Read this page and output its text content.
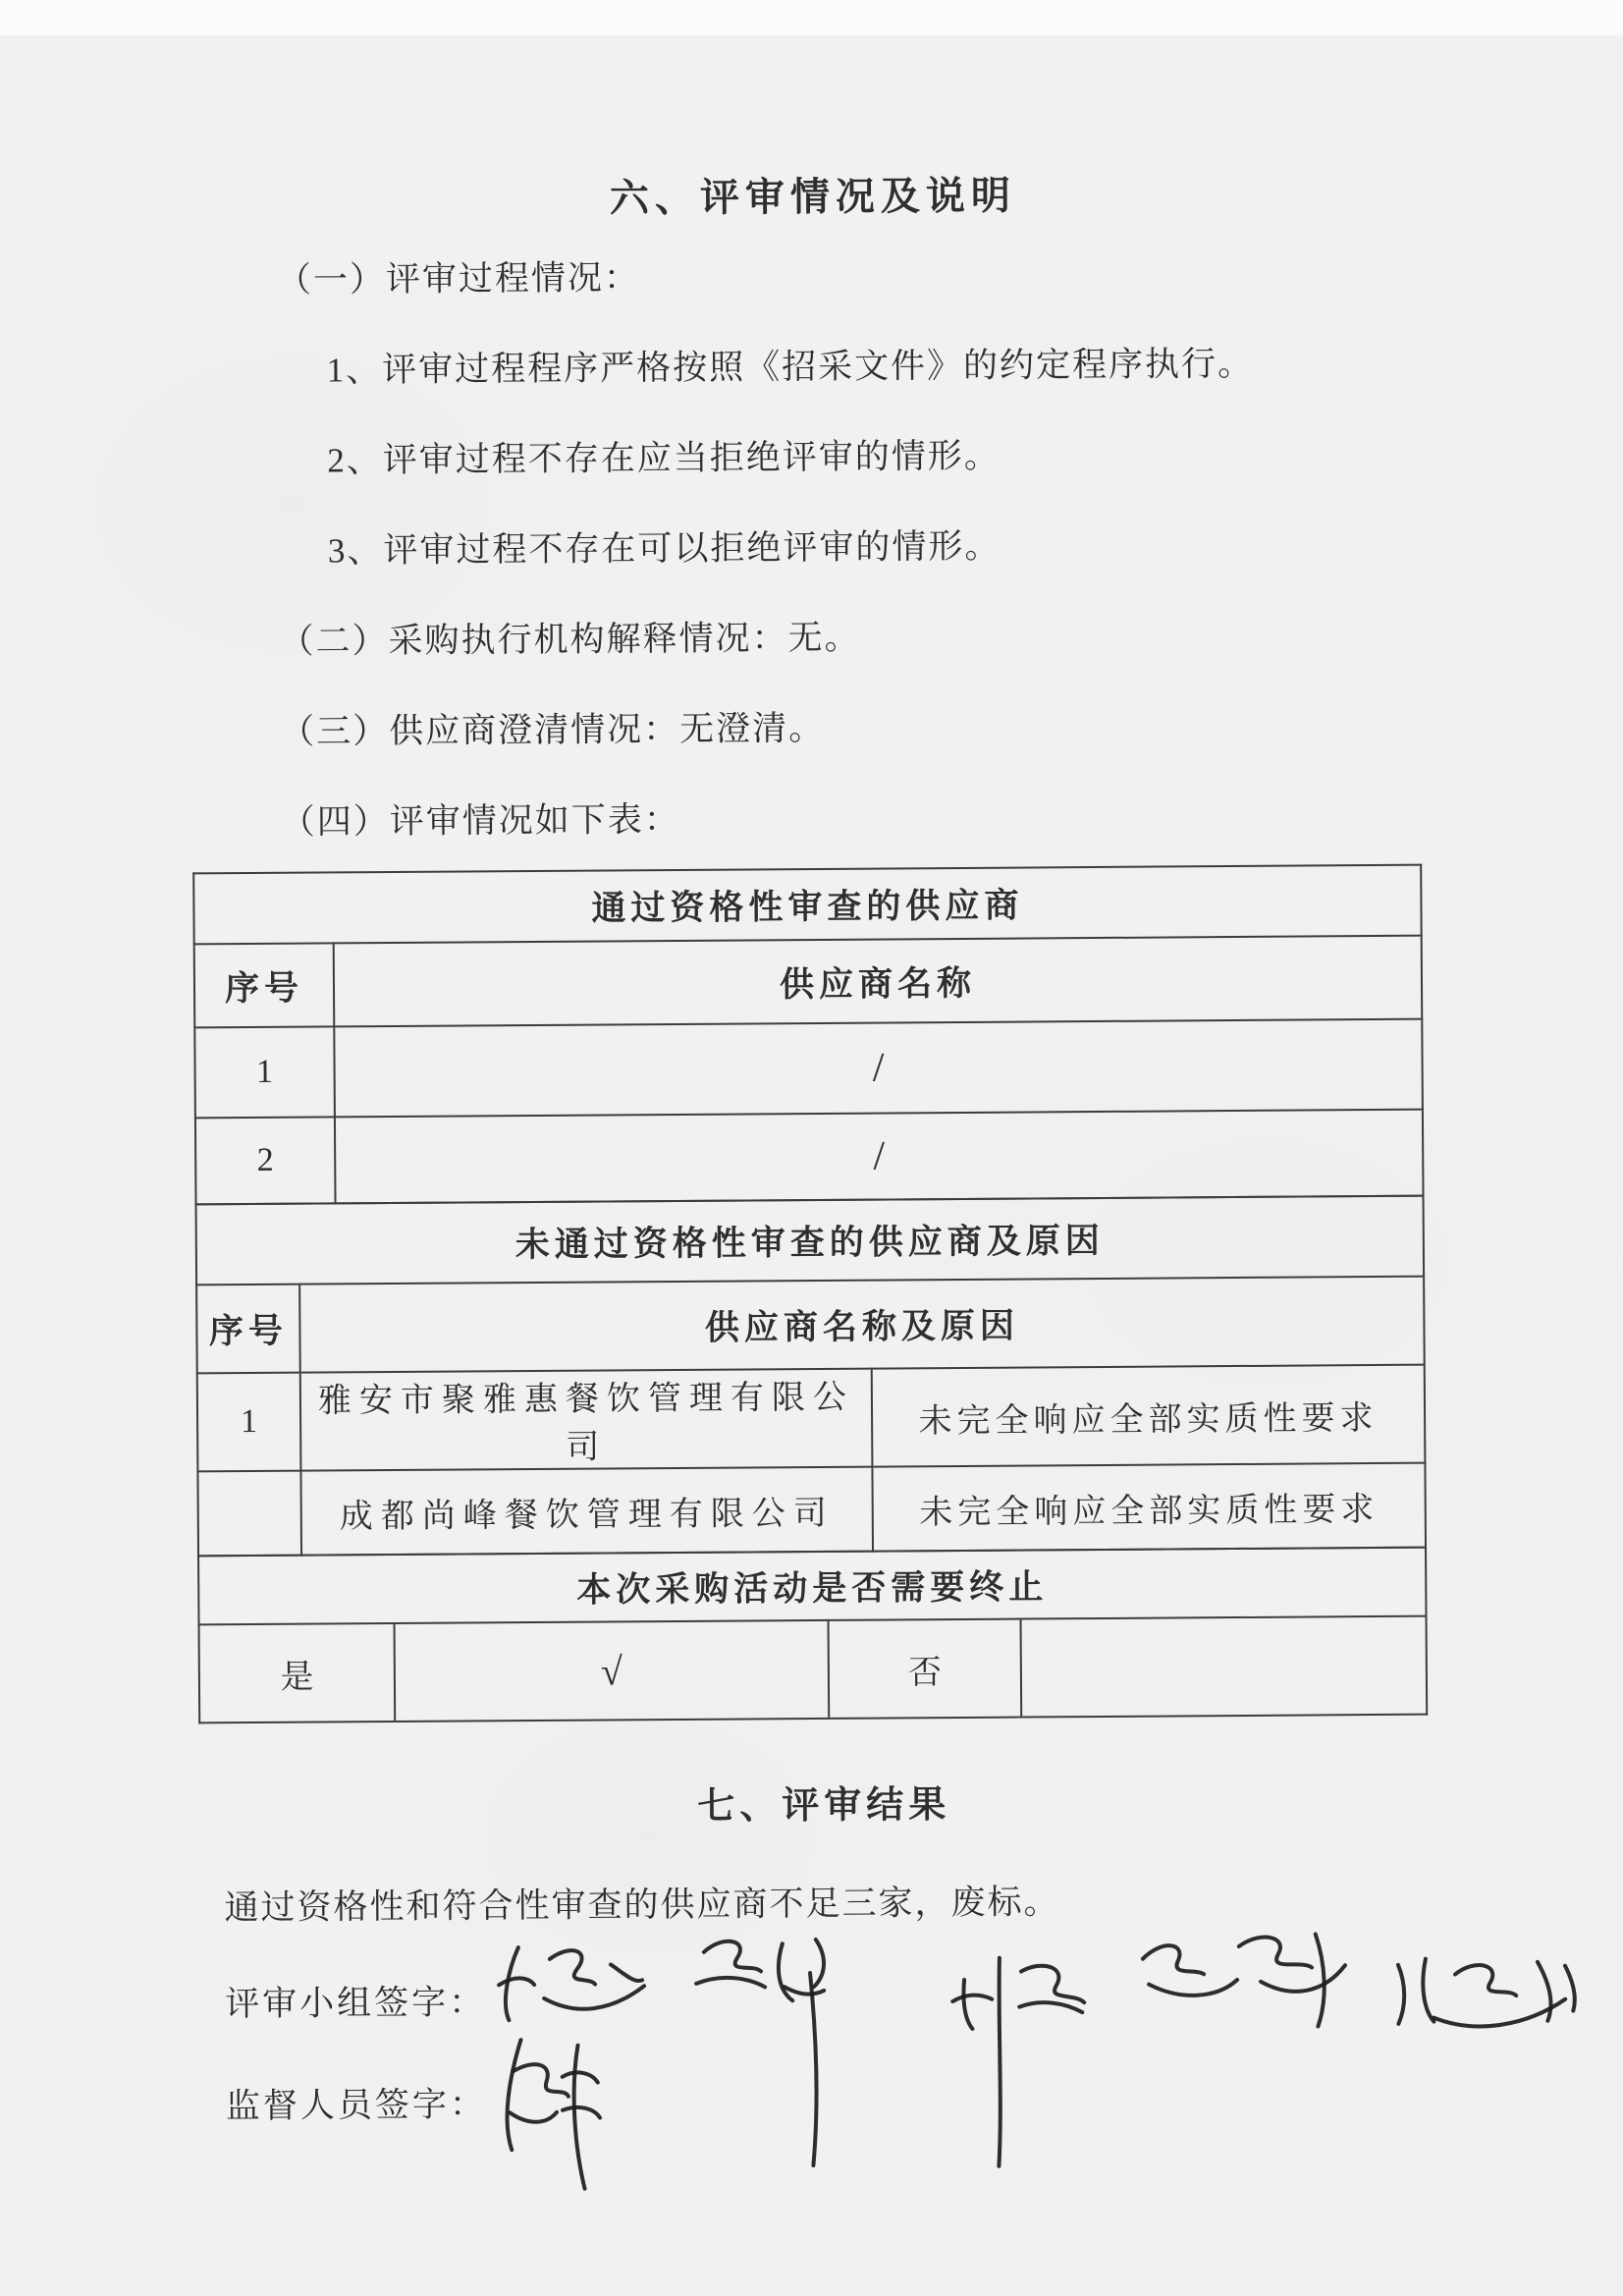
六、评审情况及说明

（一）评审过程情况：

1、评审过程程序严格按照《招采文件》的约定程序执行。

2、评审过程不存在应当拒绝评审的情形。

3、评审过程不存在可以拒绝评审的情形。

（二）采购执行机构解释情况：无。

（三）供应商澄清情况：无澄清。

（四）评审情况如下表：

通过资格性审查的供应商	
序号	供应商名称
1	/
2	/
未通过资格性审查的供应商及原因		
序号	供应商名称及原因	
1	雅安市聚雅惠餐饮管理有限公司	未完全响应全部实质性要求
	成都尚峰餐饮管理有限公司	未完全响应全部实质性要求
本次采购活动是否需要终止
是	√	否	
七、评审结果

通过资格性和符合性审查的供应商不足三家，废标。

评审小组签字：
监督人员签字：
